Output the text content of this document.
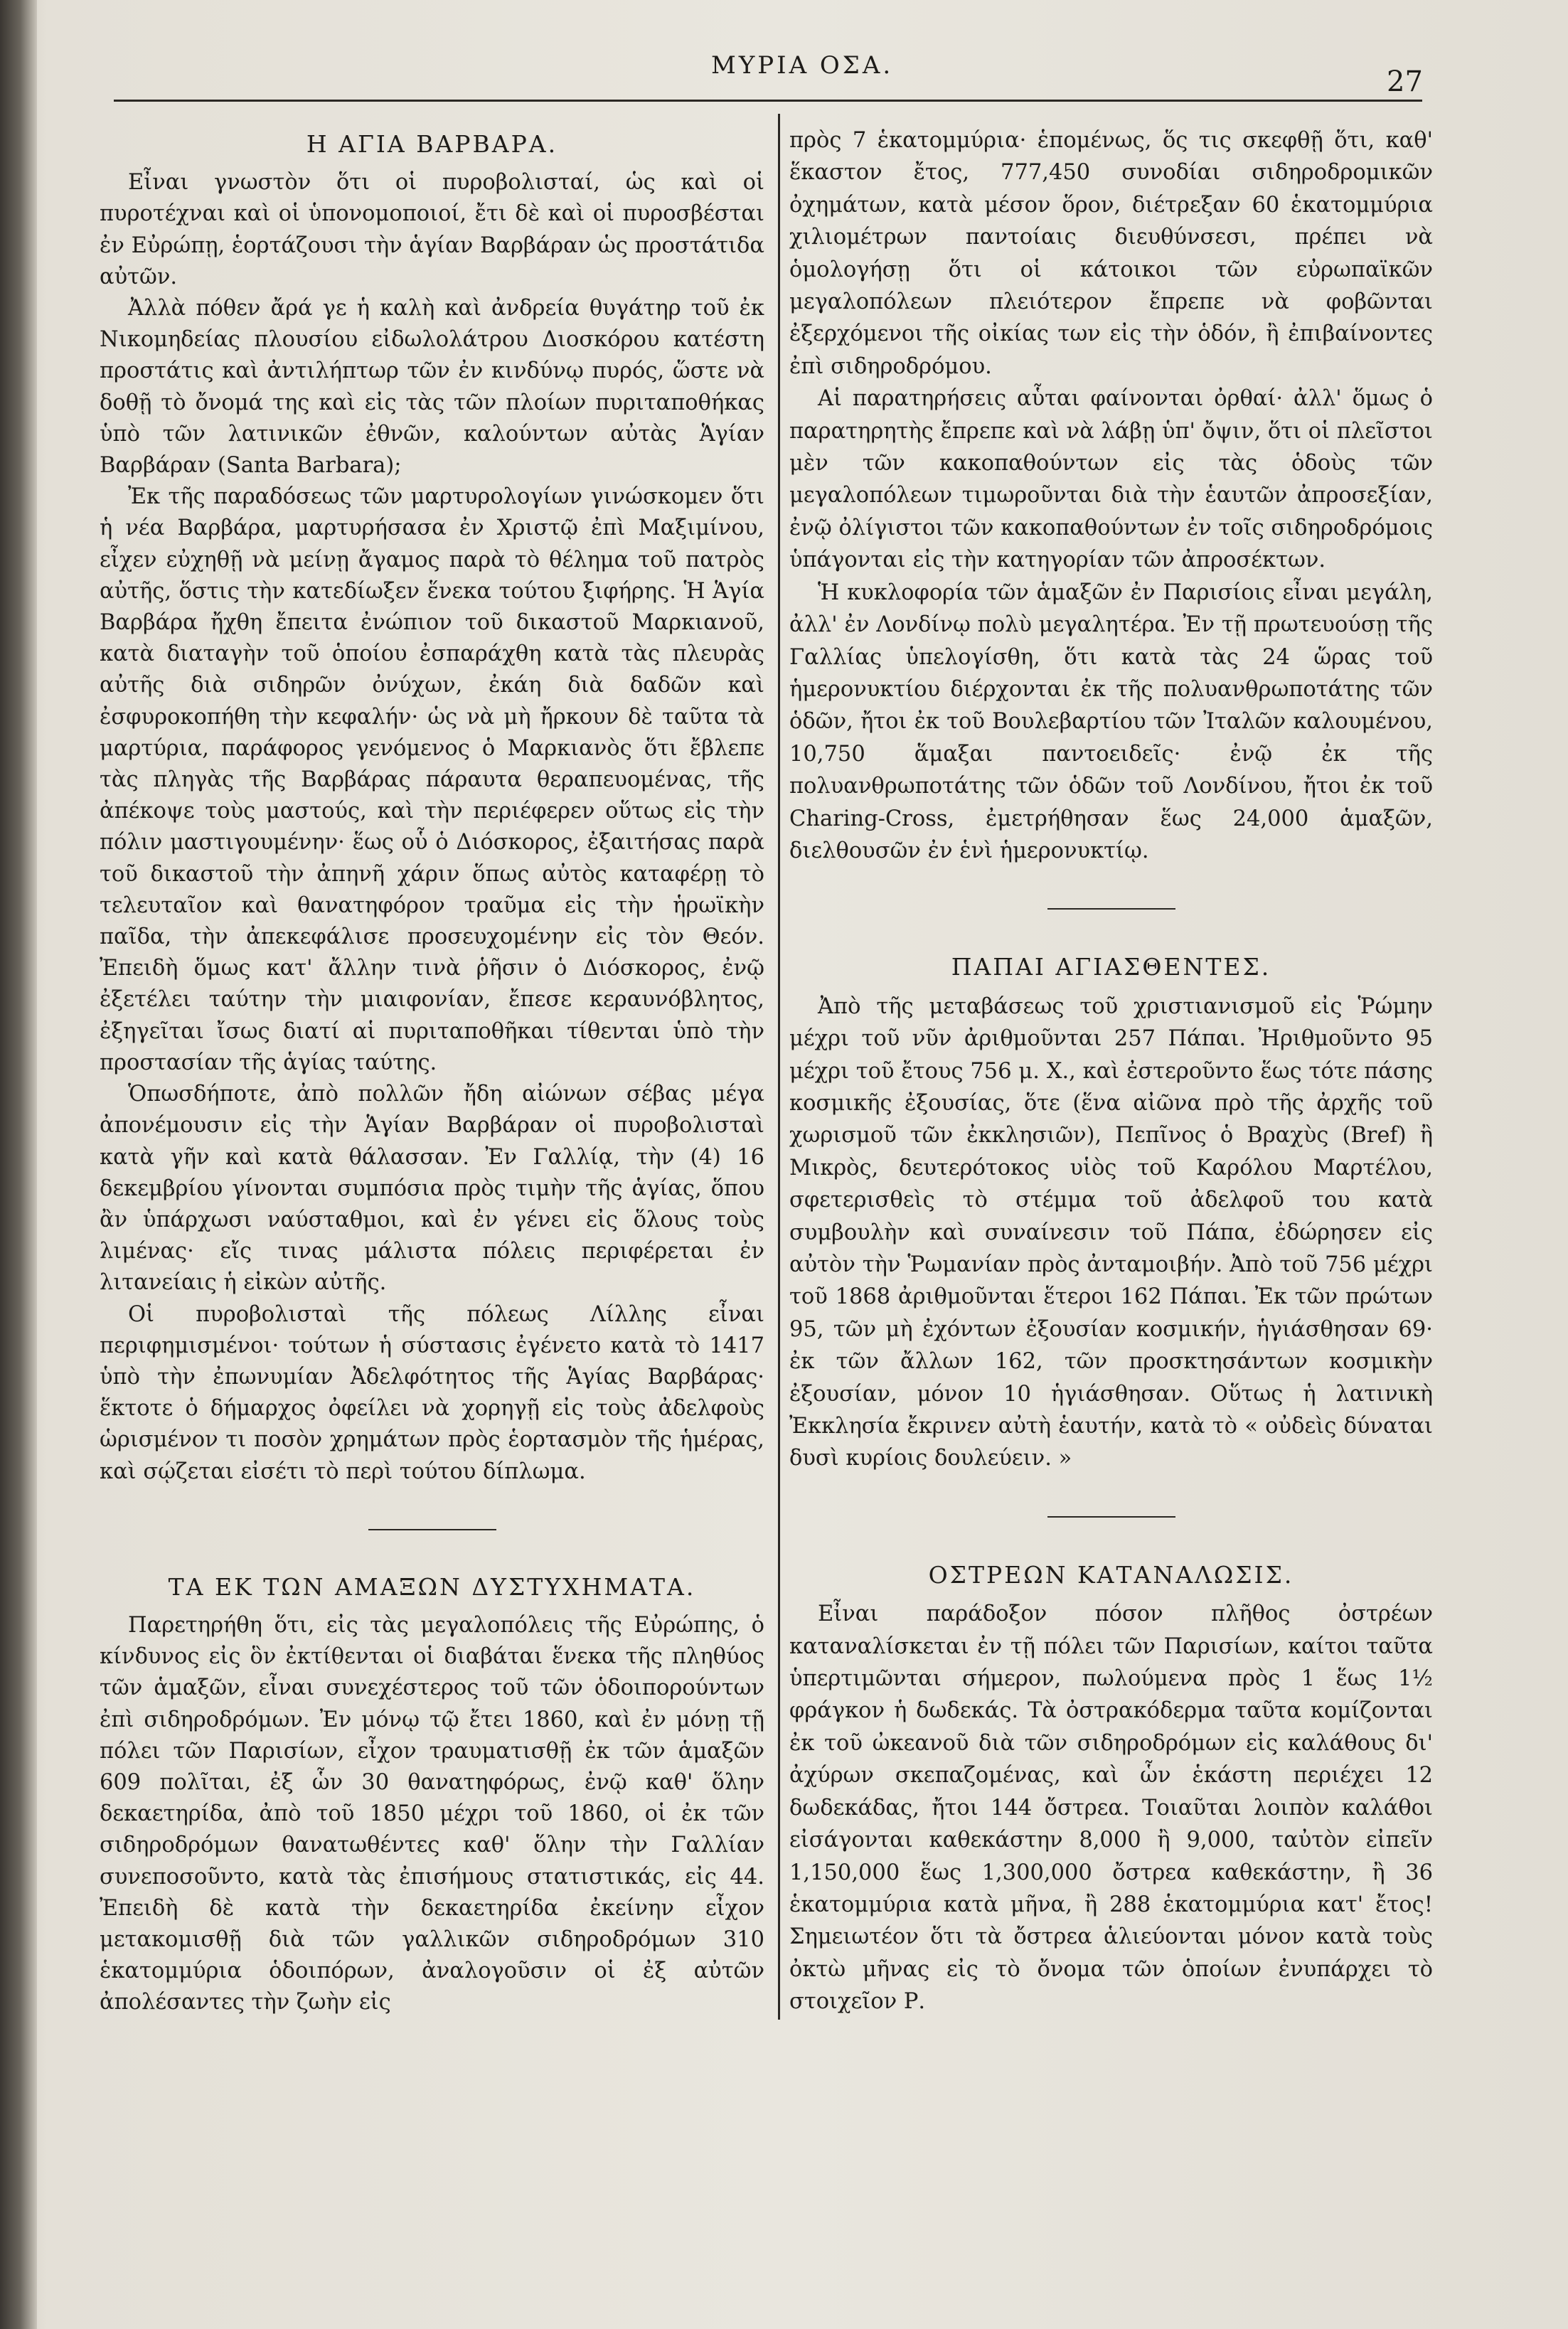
ΜΥΡΙΑ ΟΣΑ.	27
Η ΑΓΙΑ ΒΑΡΒΑΡΑ.

Εἶναι γνωστὸν ὅτι οἱ πυροβολισταί, ὡς καὶ οἱ πυροτέχναι καὶ οἱ ὑπονομοποιοί, ἔτι δὲ καὶ οἱ πυροσβέσται ἐν Εὐρώπῃ, ἑορτάζουσι τὴν ἁγίαν Βαρβάραν ὡς προστάτιδα αὐτῶν.

Ἀλλὰ πόθεν ἄρά γε ἡ καλὴ καὶ ἀνδρεία θυγάτηρ τοῦ ἐκ Νικομηδείας πλουσίου εἰδωλολάτρου Διοσκόρου κατέστη προστάτις καὶ ἀντιλήπτωρ τῶν ἐν κινδύνῳ πυρός, ὥστε νὰ δοθῇ τὸ ὄνομά της καὶ εἰς τὰς τῶν πλοίων πυριταποθήκας ὑπὸ τῶν λατινικῶν ἐθνῶν, καλούντων αὐτὰς Ἁγίαν Βαρβάραν (Santa Barbara);

Ἐκ τῆς παραδόσεως τῶν μαρτυρολογίων γινώσκομεν ὅτι ἡ νέα Βαρβάρα, μαρτυρήσασα ἐν Χριστῷ ἐπὶ Μαξιμίνου, εἶχεν εὐχηθῇ νὰ μείνῃ ἄγαμος παρὰ τὸ θέλημα τοῦ πατρὸς αὐτῆς, ὅστις τὴν κατεδίωξεν ἕνεκα τούτου ξιφήρης. Ἡ Ἁγία Βαρβάρα ἤχθη ἔπειτα ἐνώπιον τοῦ δικαστοῦ Μαρκιανοῦ, κατὰ διαταγὴν τοῦ ὁποίου ἐσπαράχθη κατὰ τὰς πλευρὰς αὐτῆς διὰ σιδηρῶν ὀνύχων, ἐκάη διὰ δαδῶν καὶ ἐσφυροκοπήθη τὴν κεφαλήν· ὡς νὰ μὴ ἤρκουν δὲ ταῦτα τὰ μαρτύρια, παράφορος γενόμενος ὁ Μαρκιανὸς ὅτι ἔβλεπε τὰς πληγὰς τῆς Βαρβάρας πάραυτα θεραπευομένας, τῆς ἀπέκοψε τοὺς μαστούς, καὶ τὴν περιέφερεν οὕτως εἰς τὴν πόλιν μαστιγουμένην· ἕως οὗ ὁ Διόσκορος, ἐξαιτήσας παρὰ τοῦ δικαστοῦ τὴν ἀπηνῆ χάριν ὅπως αὐτὸς καταφέρῃ τὸ τελευταῖον καὶ θανατηφόρον τραῦμα εἰς τὴν ἡρωϊκὴν παῖδα, τὴν ἀπεκεφάλισε προσευχομένην εἰς τὸν Θεόν. Ἐπειδὴ ὅμως κατ' ἄλλην τινὰ ῥῆσιν ὁ Διόσκορος, ἐνῷ ἐξετέλει ταύτην τὴν μιαιφονίαν, ἔπεσε κεραυνόβλητος, ἐξηγεῖται ἴσως διατί αἱ πυριταποθῆκαι τίθενται ὑπὸ τὴν προστασίαν τῆς ἁγίας ταύτης.

Ὁπωσδήποτε, ἀπὸ πολλῶν ἤδη αἰώνων σέβας μέγα ἀπονέμουσιν εἰς τὴν Ἁγίαν Βαρβάραν οἱ πυροβολισταὶ κατὰ γῆν καὶ κατὰ θάλασσαν. Ἐν Γαλλίᾳ, τὴν (4) 16 δεκεμβρίου γίνονται συμπόσια πρὸς τιμὴν τῆς ἁγίας, ὅπου ἂν ὑπάρχωσι ναύσταθμοι, καὶ ἐν γένει εἰς ὅλους τοὺς λιμένας· εἴς τινας μάλιστα πόλεις περιφέρεται ἐν λιτανείαις ἡ εἰκὼν αὐτῆς.

Οἱ πυροβολισταὶ τῆς πόλεως Λίλλης εἶναι περιφημισμένοι· τούτων ἡ σύστασις ἐγένετο κατὰ τὸ 1417 ὑπὸ τὴν ἐπωνυμίαν Ἀδελφότητος τῆς Ἁγίας Βαρβάρας· ἕκτοτε ὁ δήμαρχος ὀφείλει νὰ χορηγῇ εἰς τοὺς ἀδελφοὺς ὡρισμένον τι ποσὸν χρημάτων πρὸς ἑορτασμὸν τῆς ἡμέρας, καὶ σῴζεται εἰσέτι τὸ περὶ τούτου δίπλωμα.

ΤΑ ΕΚ ΤΩΝ ΑΜΑΞΩΝ ΔΥΣΤΥΧΗΜΑΤΑ.

Παρετηρήθη ὅτι, εἰς τὰς μεγαλοπόλεις τῆς Εὐρώπης, ὁ κίνδυνος εἰς ὃν ἐκτίθενται οἱ διαβάται ἕνεκα τῆς πληθύος τῶν ἁμαξῶν, εἶναι συνεχέστερος τοῦ τῶν ὁδοιπορούντων ἐπὶ σιδηροδρόμων. Ἐν μόνῳ τῷ ἔτει 1860, καὶ ἐν μόνῃ τῇ πόλει τῶν Παρισίων, εἶχον τραυματισθῇ ἐκ τῶν ἁμαξῶν 609 πολῖται, ἐξ ὧν 30 θανατηφόρως, ἐνῷ καθ' ὅλην δεκαετηρίδα, ἀπὸ τοῦ 1850 μέχρι τοῦ 1860, οἱ ἐκ τῶν σιδηροδρόμων θανατωθέντες καθ' ὅλην τὴν Γαλλίαν συνεποσοῦντο, κατὰ τὰς ἐπισήμους στατιστικάς, εἰς 44. Ἐπειδὴ δὲ κατὰ τὴν δεκαετηρίδα ἐκείνην εἶχον μετακομισθῇ διὰ τῶν γαλλικῶν σιδηροδρόμων 310 ἑκατομμύρια ὁδοιπόρων, ἀναλογοῦσιν οἱ ἐξ αὐτῶν ἀπολέσαντες τὴν ζωὴν εἰς

πρὸς 7 ἑκατομμύρια· ἑπομένως, ὅς τις σκεφθῇ ὅτι, καθ' ἕκαστον ἔτος, 777,450 συνοδίαι σιδηροδρομικῶν ὀχημάτων, κατὰ μέσον ὅρον, διέτρεξαν 60 ἑκατομμύρια χιλιομέτρων παντοίαις διευθύνσεσι, πρέπει νὰ ὁμολογήσῃ ὅτι οἱ κάτοικοι τῶν εὐρωπαϊκῶν μεγαλοπόλεων πλειότερον ἔπρεπε νὰ φοβῶνται ἐξερχόμενοι τῆς οἰκίας των εἰς τὴν ὁδόν, ἢ ἐπιβαίνοντες ἐπὶ σιδηροδρόμου.

Αἱ παρατηρήσεις αὗται φαίνονται ὀρθαί· ἀλλ' ὅμως ὁ παρατηρητὴς ἔπρεπε καὶ νὰ λάβῃ ὑπ' ὄψιν, ὅτι οἱ πλεῖστοι μὲν τῶν κακοπαθούντων εἰς τὰς ὁδοὺς τῶν μεγαλοπόλεων τιμωροῦνται διὰ τὴν ἑαυτῶν ἀπροσεξίαν, ἐνῷ ὀλίγιστοι τῶν κακοπαθούντων ἐν τοῖς σιδηροδρόμοις ὑπάγονται εἰς τὴν κατηγορίαν τῶν ἀπροσέκτων.

Ἡ κυκλοφορία τῶν ἁμαξῶν ἐν Παρισίοις εἶναι μεγάλη, ἀλλ' ἐν Λονδίνῳ πολὺ μεγαλητέρα. Ἐν τῇ πρωτευούσῃ τῆς Γαλλίας ὑπελογίσθη, ὅτι κατὰ τὰς 24 ὥρας τοῦ ἡμερονυκτίου διέρχονται ἐκ τῆς πολυανθρωποτάτης τῶν ὁδῶν, ἤτοι ἐκ τοῦ Βουλεβαρτίου τῶν Ἰταλῶν καλουμένου, 10,750 ἅμαξαι παντοειδεῖς· ἐνῷ ἐκ τῆς πολυανθρωποτάτης τῶν ὁδῶν τοῦ Λονδίνου, ἤτοι ἐκ τοῦ Charing-Cross, ἐμετρήθησαν ἕως 24,000 ἁμαξῶν, διελθουσῶν ἐν ἑνὶ ἡμερονυκτίῳ.

ΠΑΠΑΙ ΑΓΙΑΣΘΕΝΤΕΣ.

Ἀπὸ τῆς μεταβάσεως τοῦ χριστιανισμοῦ εἰς Ῥώμην μέχρι τοῦ νῦν ἀριθμοῦνται 257 Πάπαι. Ἠριθμοῦντο 95 μέχρι τοῦ ἔτους 756 μ. Χ., καὶ ἐστεροῦντο ἕως τότε πάσης κοσμικῆς ἐξουσίας, ὅτε (ἕνα αἰῶνα πρὸ τῆς ἀρχῆς τοῦ χωρισμοῦ τῶν ἐκκλησιῶν), Πεπῖνος ὁ Βραχὺς (Bref) ἢ Μικρὸς, δευτερότοκος υἱὸς τοῦ Καρόλου Μαρτέλου, σφετερισθεὶς τὸ στέμμα τοῦ ἀδελφοῦ του κατὰ συμβουλὴν καὶ συναίνεσιν τοῦ Πάπα, ἐδώρησεν εἰς αὐτὸν τὴν Ῥωμανίαν πρὸς ἀνταμοιβήν. Ἀπὸ τοῦ 756 μέχρι τοῦ 1868 ἀριθμοῦνται ἕτεροι 162 Πάπαι. Ἐκ τῶν πρώτων 95, τῶν μὴ ἐχόντων ἐξουσίαν κοσμικήν, ἡγιάσθησαν 69· ἐκ τῶν ἄλλων 162, τῶν προσκτησάντων κοσμικὴν ἐξουσίαν, μόνον 10 ἡγιάσθησαν. Οὕτως ἡ λατινικὴ Ἐκκλησία ἔκρινεν αὐτὴ ἑαυτήν, κατὰ τὸ « οὐδεὶς δύναται δυσὶ κυρίοις δουλεύειν. »

ΟΣΤΡΕΩΝ ΚΑΤΑΝΑΛΩΣΙΣ.

Εἶναι παράδοξον πόσον πλῆθος ὀστρέων καταναλίσκεται ἐν τῇ πόλει τῶν Παρισίων, καίτοι ταῦτα ὑπερτιμῶνται σήμερον, πωλούμενα πρὸς 1 ἕως 1½ φράγκον ἡ δωδεκάς. Τὰ ὀστρακόδερμα ταῦτα κομίζονται ἐκ τοῦ ὠκεανοῦ διὰ τῶν σιδηροδρόμων εἰς καλάθους δι' ἀχύρων σκεπαζομένας, καὶ ὧν ἑκάστη περιέχει 12 δωδεκάδας, ἤτοι 144 ὄστρεα. Τοιαῦται λοιπὸν καλάθοι εἰσάγονται καθεκάστην 8,000 ἢ 9,000, ταὐτὸν εἰπεῖν 1,150,000 ἕως 1,300,000 ὄστρεα καθεκάστην, ἢ 36 ἑκατομμύρια κατὰ μῆνα, ἢ 288 ἑκατομμύρια κατ' ἔτος! Σημειωτέον ὅτι τὰ ὄστρεα ἁλιεύονται μόνον κατὰ τοὺς ὀκτὼ μῆνας εἰς τὸ ὄνομα τῶν ὁποίων ἐνυπάρχει τὸ στοιχεῖον Ρ.
